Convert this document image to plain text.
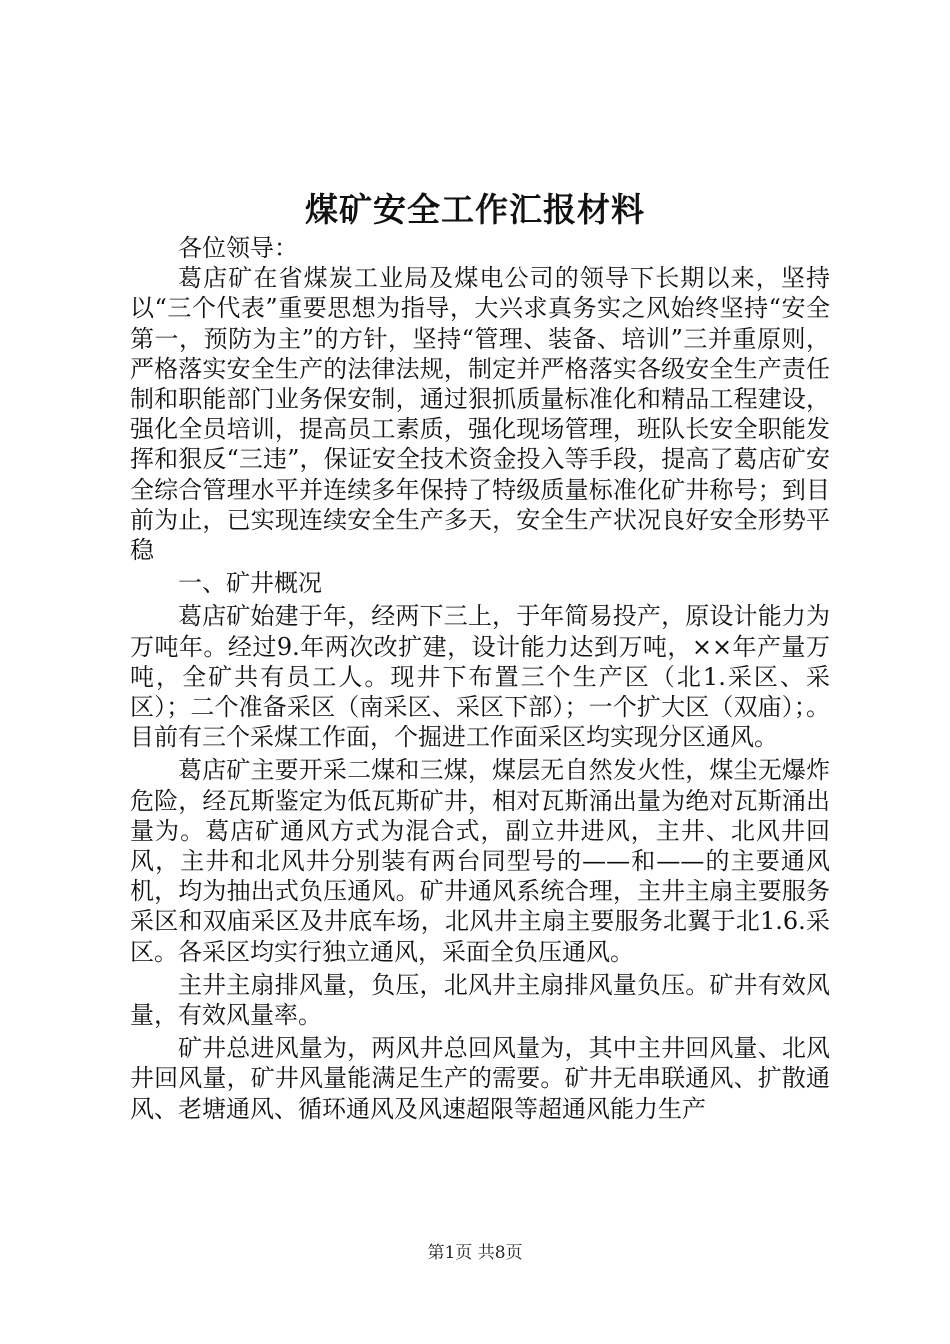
煤矿安全工作汇报材料

各位领导：

葛店矿在省煤炭工业局及煤电公司的领导下长期以来，坚持以“三个代表”重要思想为指导，大兴求真务实之风始终坚持“安全第一，预防为主”的方针，坚持“管理、装备、培训”三并重原则，严格落实安全生产的法律法规，制定并严格落实各级安全生产责任制和职能部门业务保安制，通过狠抓质量标准化和精品工程建设，强化全员培训，提高员工素质，强化现场管理，班队长安全职能发挥和狠反“三违”，保证安全技术资金投入等手段，提高了葛店矿安全综合管理水平并连续多年保持了特级质量标准化矿井称号；到目前为止，已实现连续安全生产多天，安全生产状况良好安全形势平稳

一、矿井概况

葛店矿始建于年，经两下三上，于年简易投产，原设计能力为万吨年。经过9.年两次改扩建，设计能力达到万吨，××年产量万吨，全矿共有员工人。现井下布置三个生产区（北1.采区、采区）；二个准备采区（南采区、采区下部）；一个扩大区（双庙）；。目前有三个采煤工作面，个掘进工作面采区均实现分区通风。

葛店矿主要开采二煤和三煤，煤层无自然发火性，煤尘无爆炸危险，经瓦斯鉴定为低瓦斯矿井，相对瓦斯涌出量为绝对瓦斯涌出量为。葛店矿通风方式为混合式，副立井进风，主井、北风井回风，主井和北风井分别装有两台同型号的——和——的主要通风机，均为抽出式负压通风。矿井通风系统合理，主井主扇主要服务采区和双庙采区及井底车场，北风井主扇主要服务北翼于北1.6.采区。各采区均实行独立通风，采面全负压通风。

主井主扇排风量，负压，北风井主扇排风量负压。矿井有效风量，有效风量率。

矿井总进风量为，两风井总回风量为，其中主井回风量、北风井回风量，矿井风量能满足生产的需要。矿井无串联通风、扩散通风、老塘通风、循环通风及风速超限等超通风能力生产

第1页 共8页
